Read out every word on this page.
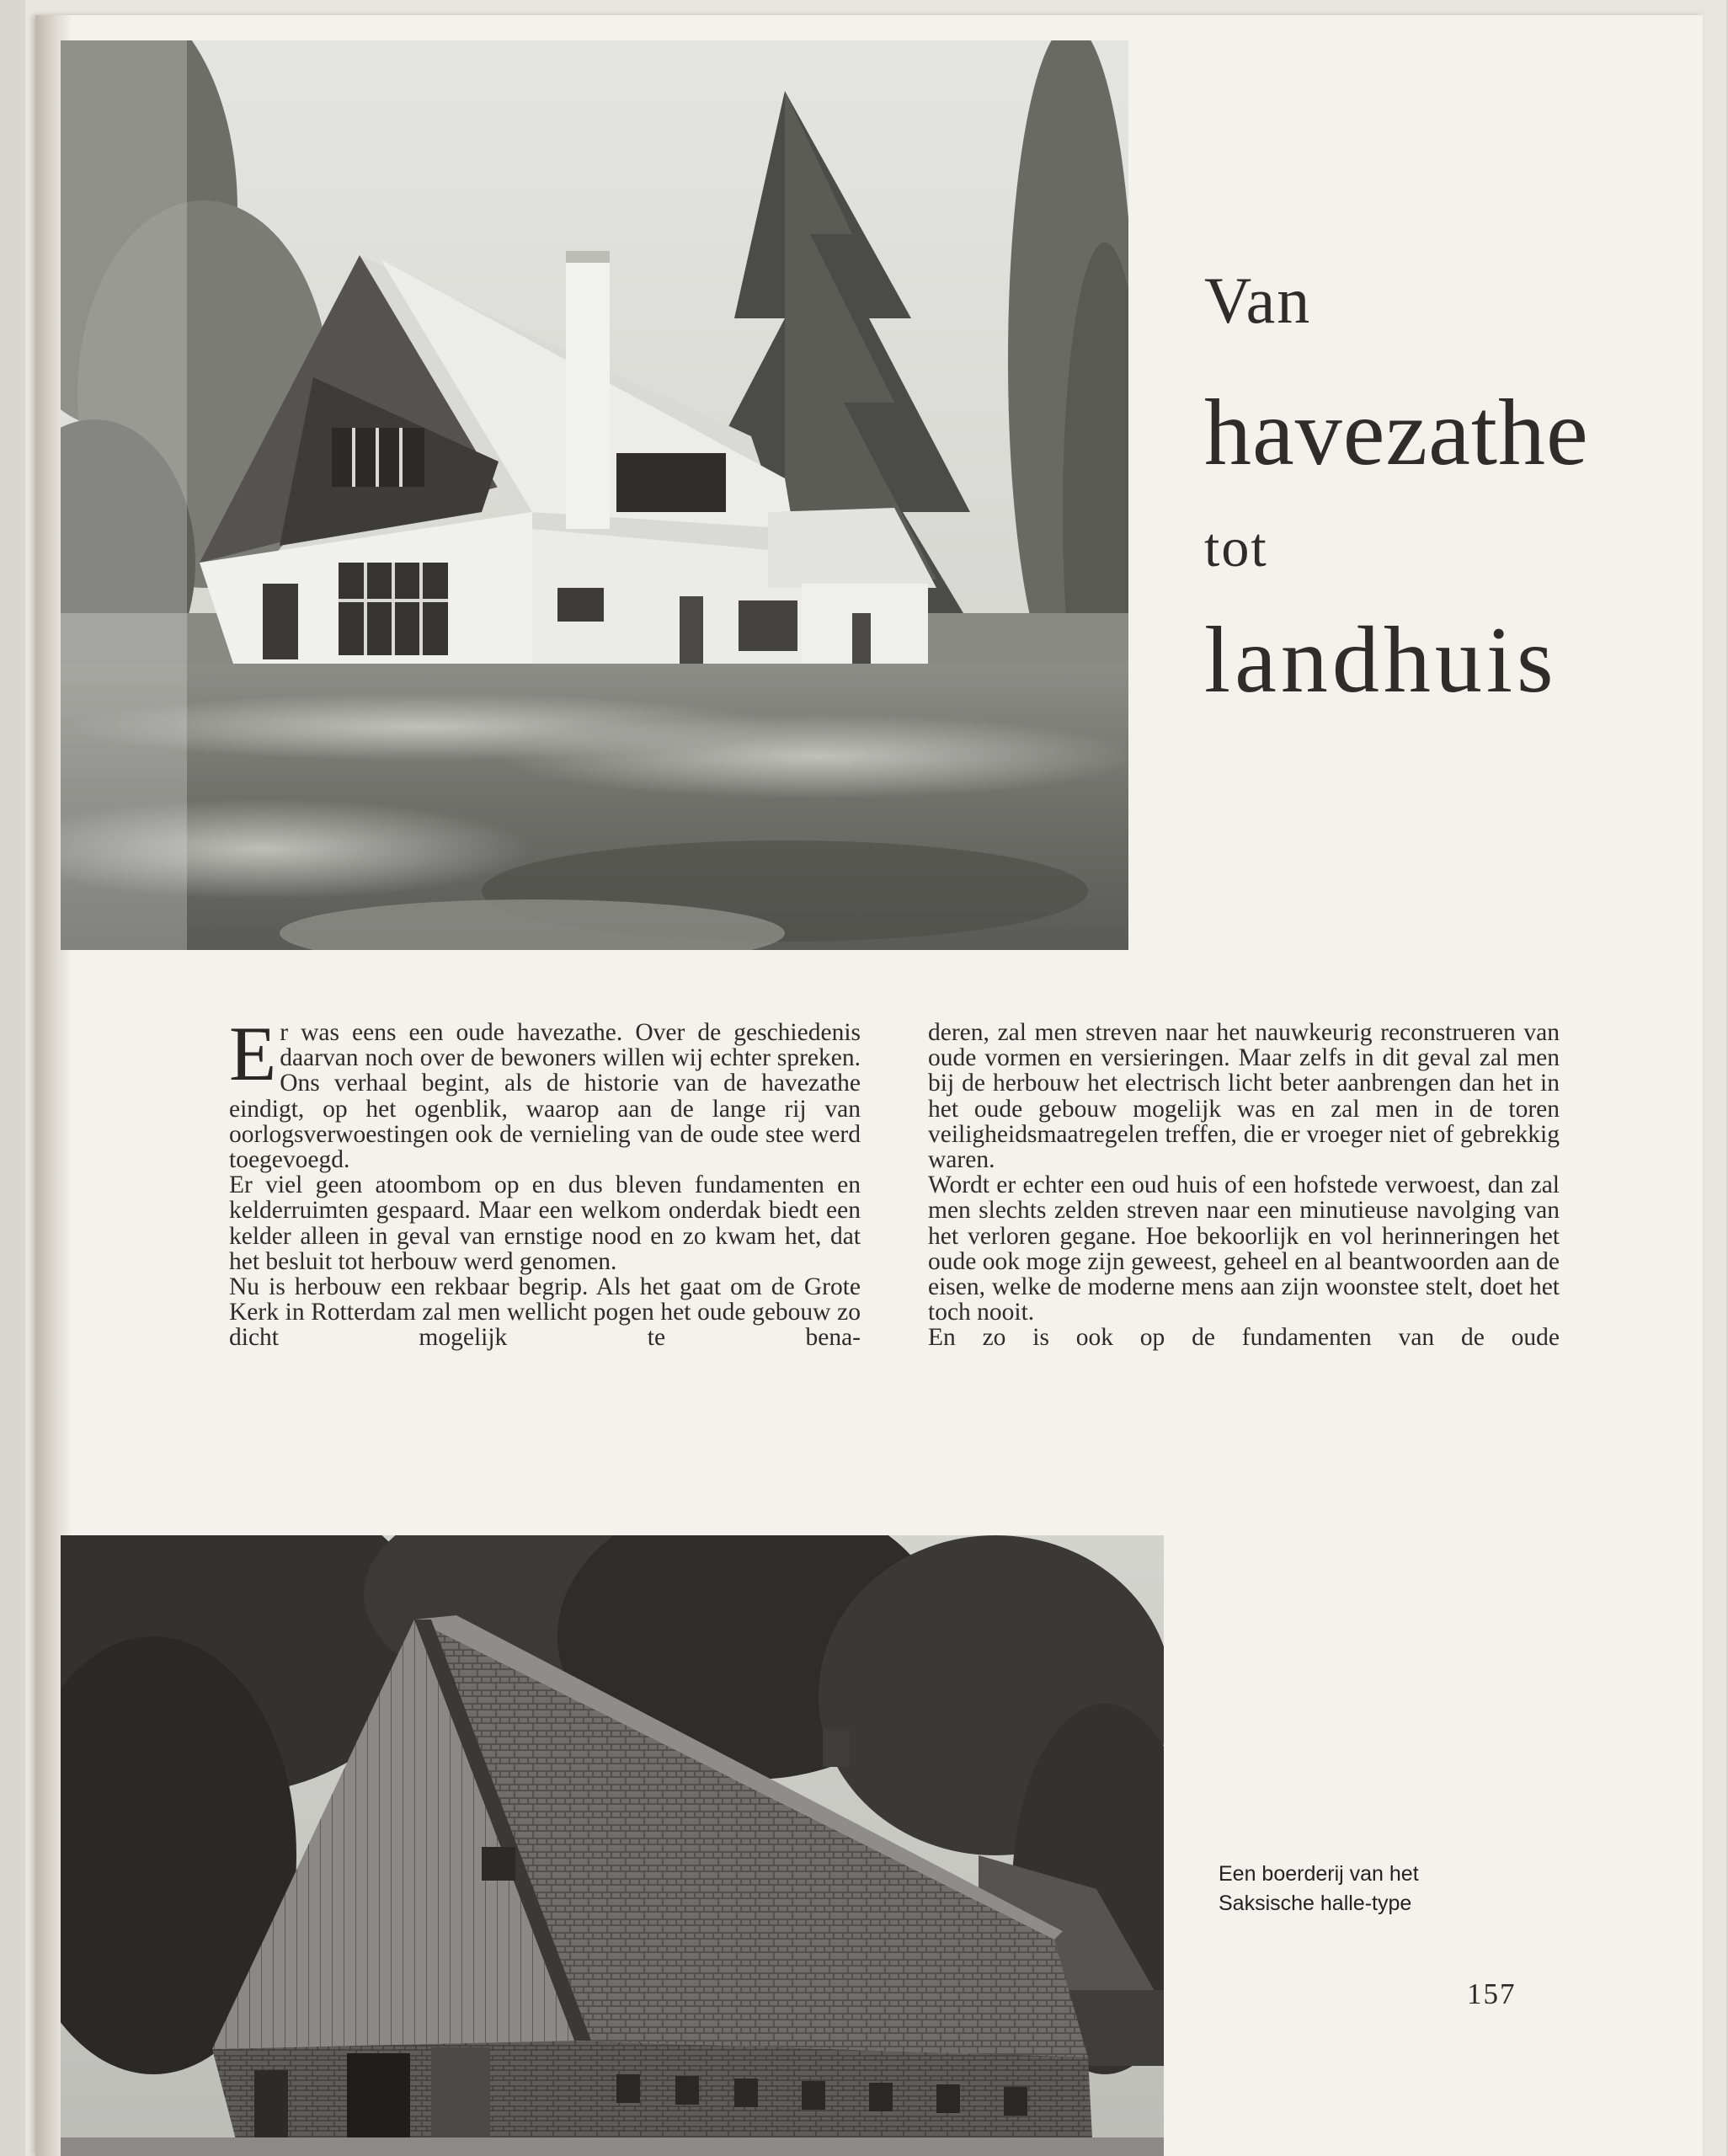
Van
havezathe
tot
landhuis

Er was eens een oude havezathe. Over de geschiedenis daarvan noch over de bewoners willen wij echter spreken. Ons verhaal begint, als de historie van de havezathe eindigt, op het ogenblik, waarop aan de lange rij van oorlogsverwoestingen ook de vernieling van de oude stee werd toegevoegd.

Er viel geen atoombom op en dus bleven fundamenten en kelderruimten gespaard. Maar een welkom onderdak biedt een kelder alleen in geval van ernstige nood en zo kwam het, dat het besluit tot herbouw werd genomen.

Nu is herbouw een rekbaar begrip. Als het gaat om de Grote Kerk in Rotterdam zal men wellicht pogen het oude gebouw zo dicht mogelijk te bena-

deren, zal men streven naar het nauwkeurig reconstrueren van oude vormen en versieringen. Maar zelfs in dit geval zal men bij de herbouw het electrisch licht beter aanbrengen dan het in het oude gebouw mogelijk was en zal men in de toren veiligheidsmaatregelen treffen, die er vroeger niet of gebrekkig waren.

Wordt er echter een oud huis of een hofstede verwoest, dan zal men slechts zelden streven naar een minutieuse navolging van het verloren gegane. Hoe bekoorlijk en vol herinneringen het oude ook moge zijn geweest, geheel en al beantwoorden aan de eisen, welke de moderne mens aan zijn woonstee stelt, doet het toch nooit.

En zo is ook op de fundamenten van de oude

Een boerderij van het
Saksische halle-type
157
